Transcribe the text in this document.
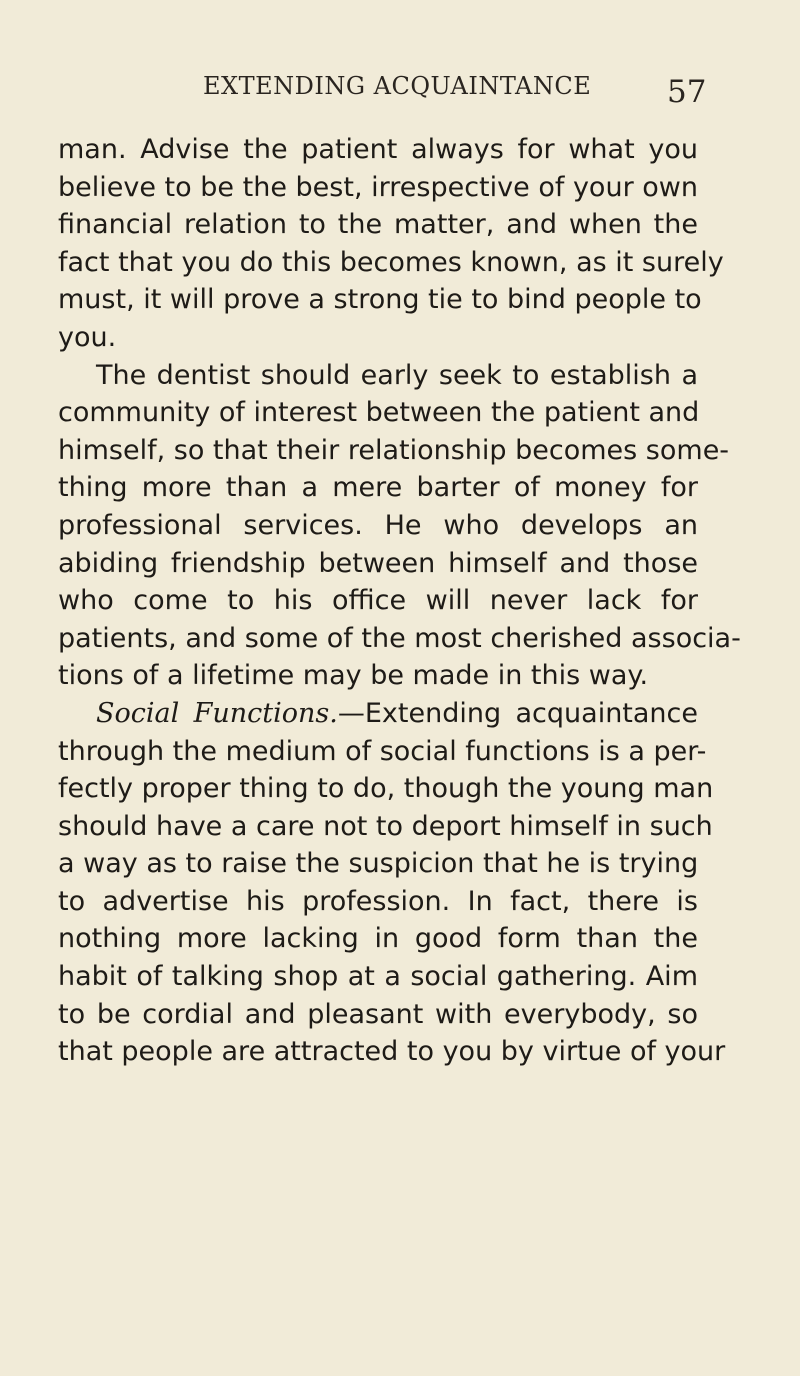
EXTENDING ACQUAINTANCE 57
man. Advise the patient always for what you
believe to be the best, irrespective of your own
financial relation to the matter, and when the
fact that you do this becomes known, as it surely
must, it will prove a strong tie to bind people to
you.
The dentist should early seek to establish a
community of interest between the patient and
himself, so that their relationship becomes some-
thing more than a mere barter of money for
professional services. He who develops an
abiding friendship between himself and those
who come to his office will never lack for
patients, and some of the most cherished associa-
tions of a lifetime may be made in this way.
Social Functions.—Extending acquaintance
through the medium of social functions is a per-
fectly proper thing to do, though the young man
should have a care not to deport himself in such
a way as to raise the suspicion that he is trying
to advertise his profession. In fact, there is
nothing more lacking in good form than the
habit of talking shop at a social gathering. Aim
to be cordial and pleasant with everybody, so
that people are attracted to you by virtue of your
